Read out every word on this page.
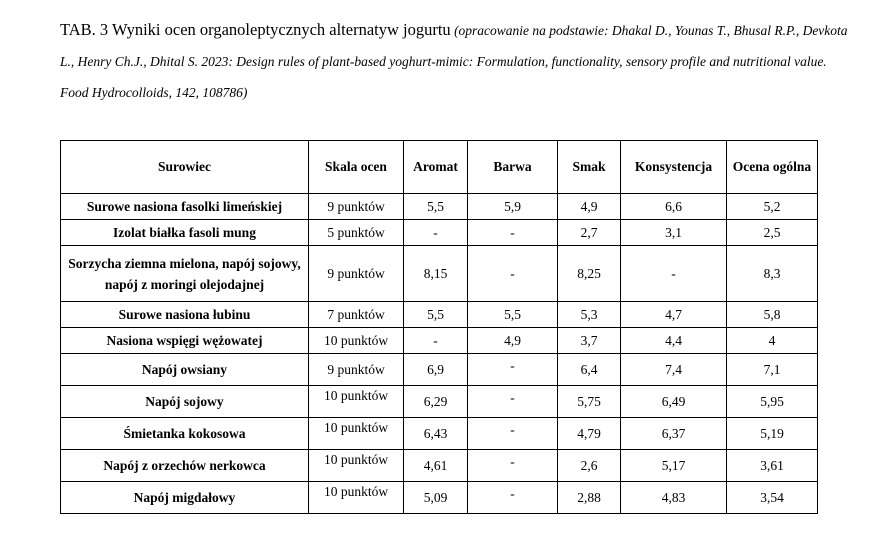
TAB. 3 Wyniki ocen organoleptycznych alternatyw jogurtu (opracowanie na podstawie: Dhakal D., Younas T., Bhusal R.P., Devkota L., Henry Ch.J., Dhital S. 2023: Design rules of plant-based yoghurt-mimic: Formulation, functionality, sensory profile and nutritional value. Food Hydrocolloids, 142, 108786)
Surowiec	Skala ocen	Aromat	Barwa	Smak	Konsystencja	Ocena ogólna
Surowe nasiona fasolki limeńskiej	9 punktów	5,5	5,9	4,9	6,6	5,2
Izolat białka fasoli mung	5 punktów	-	-	2,7	3,1	2,5
Sorzycha ziemna mielona, napój sojowy, napój z moringi olejodajnej	9 punktów	8,15	-	8,25	-	8,3
Surowe nasiona łubinu	7 punktów	5,5	5,5	5,3	4,7	5,8
Nasiona wspięgi wężowatej	10 punktów	-	4,9	3,7	4,4	4
Napój owsiany	9 punktów	6,9	-	6,4	7,4	7,1
Napój sojowy	10 punktów	6,29	-	5,75	6,49	5,95
Śmietanka kokosowa	10 punktów	6,43	-	4,79	6,37	5,19
Napój z orzechów nerkowca	10 punktów	4,61	-	2,6	5,17	3,61
Napój migdałowy	10 punktów	5,09	-	2,88	4,83	3,54
